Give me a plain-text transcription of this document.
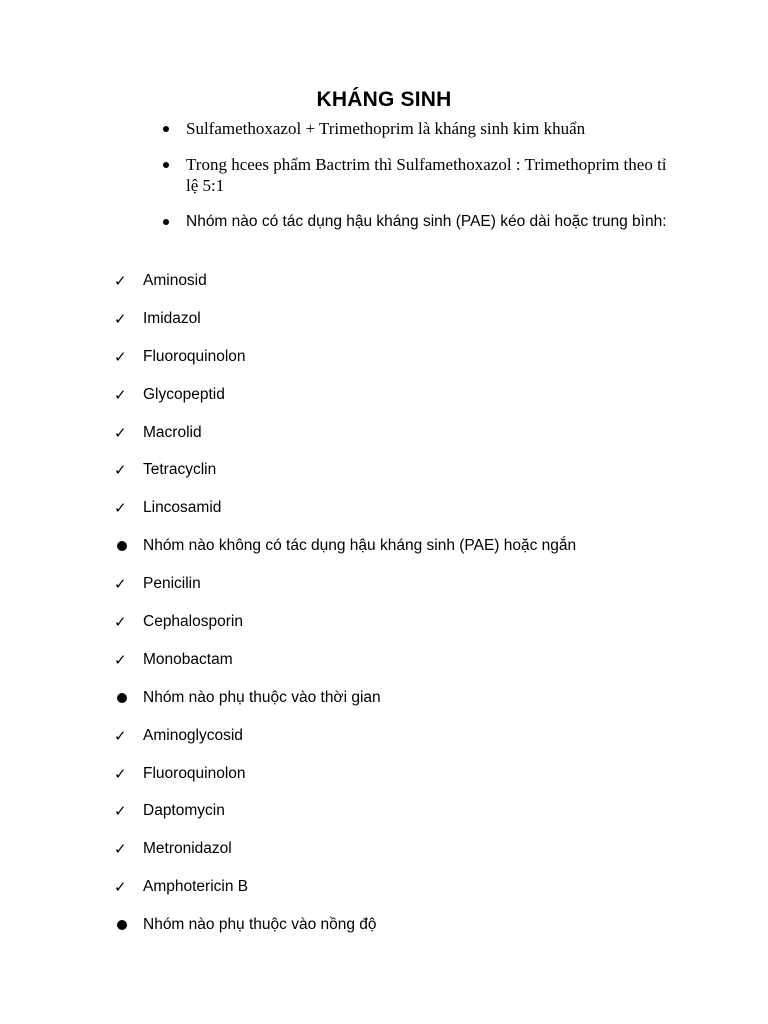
KHÁNG SINH
Sulfamethoxazol + Trimethoprim là kháng sinh kim khuẩn
Trong hcees phẩm Bactrim thì Sulfamethoxazol : Trimethoprim theo tỉ lệ 5:1
Nhóm nào có tác dụng hậu kháng sinh (PAE) kéo dài hoặc trung bình:
✓	Aminosid
✓	Imidazol
✓	Fluoroquinolon
✓	Glycopeptid
✓	Macrolid
✓	Tetracyclin
✓	Lincosamid
Nhóm nào không có tác dụng hậu kháng sinh (PAE) hoặc ngắn
✓	Penicilin
✓	Cephalosporin
✓	Monobactam
Nhóm nào phụ thuộc vào thời gian
✓	Aminoglycosid
✓	Fluoroquinolon
✓	Daptomycin
✓	Metronidazol
✓	Amphotericin B
Nhóm nào phụ thuộc vào nồng độ
